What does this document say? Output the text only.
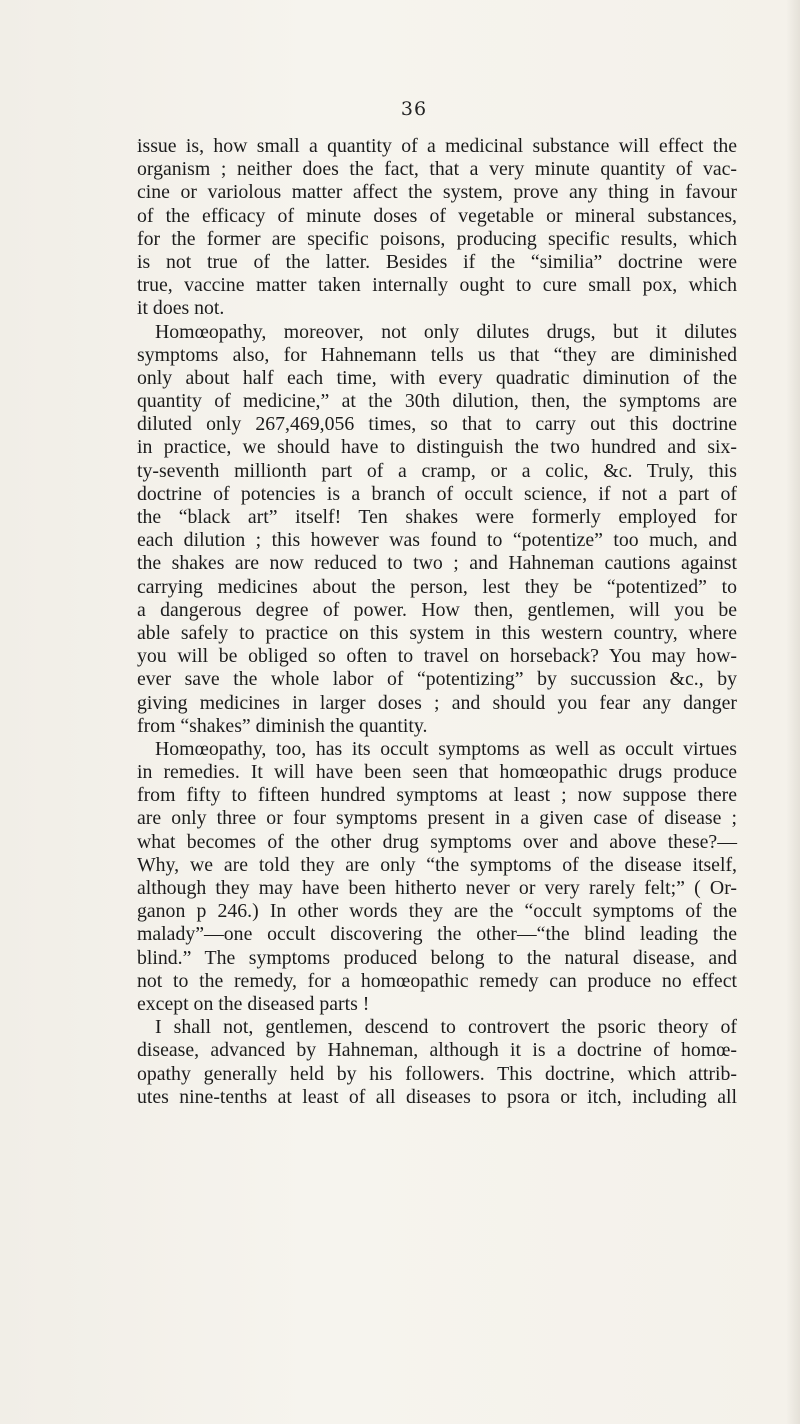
36
issue is, how small a quantity of a medicinal substance will effect the
organism ; neither does the fact, that a very minute quantity of vac-
cine or variolous matter affect the system, prove any thing in favour
of the efficacy of minute doses of vegetable or mineral substances,
for the former are specific poisons, producing specific results, which
is not true of the latter. Besides if the “similia” doctrine were
true, vaccine matter taken internally ought to cure small pox, which
it does not.
Homœopathy, moreover, not only dilutes drugs, but it dilutes
symptoms also, for Hahnemann tells us that “they are diminished
only about half each time, with every quadratic diminution of the
quantity of medicine,” at the 30th dilution, then, the symptoms are
diluted only 267,469,056 times, so that to carry out this doctrine
in practice, we should have to distinguish the two hundred and six-
ty-seventh millionth part of a cramp, or a colic, &c. Truly, this
doctrine of potencies is a branch of occult science, if not a part of
the “black art” itself! Ten shakes were formerly employed for
each dilution ; this however was found to “potentize” too much, and
the shakes are now reduced to two ; and Hahneman cautions against
carrying medicines about the person, lest they be “potentized” to
a dangerous degree of power. How then, gentlemen, will you be
able safely to practice on this system in this western country, where
you will be obliged so often to travel on horseback? You may how-
ever save the whole labor of “potentizing” by succussion &c., by
giving medicines in larger doses ; and should you fear any danger
from “shakes” diminish the quantity.
Homœopathy, too, has its occult symptoms as well as occult virtues
in remedies. It will have been seen that homœopathic drugs produce
from fifty to fifteen hundred symptoms at least ; now suppose there
are only three or four symptoms present in a given case of disease ;
what becomes of the other drug symptoms over and above these?—
Why, we are told they are only “the symptoms of the disease itself,
although they may have been hitherto never or very rarely felt;” ( Or-
ganon p 246.) In other words they are the “occult symptoms of the
malady”—one occult discovering the other—“the blind leading the
blind.” The symptoms produced belong to the natural disease, and
not to the remedy, for a homœopathic remedy can produce no effect
except on the diseased parts !
I shall not, gentlemen, descend to controvert the psoric theory of
disease, advanced by Hahneman, although it is a doctrine of homœ-
opathy generally held by his followers. This doctrine, which attrib-
utes nine-tenths at least of all diseases to psora or itch, including all
